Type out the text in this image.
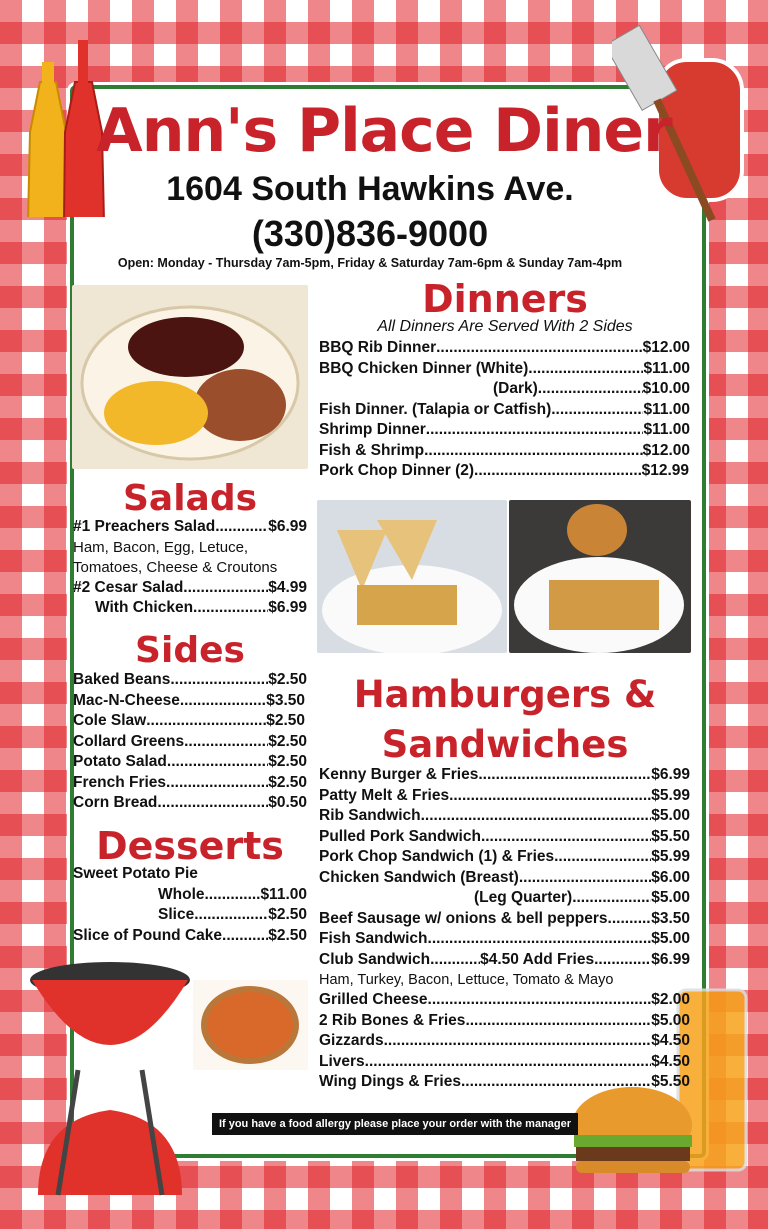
Ann's Place Diner
1604 South Hawkins Ave.
(330)836-9000
Open: Monday - Thursday 7am-5pm, Friday & Saturday 7am-6pm & Sunday 7am-4pm
Dinners
All Dinners Are Served With 2 Sides
BBQ Rib Dinner .....	$12.00
BBQ Chicken Dinner (White) .....	$11.00
(Dark) .....	$10.00
Fish Dinner. (Talapia or Catfish) .....	$11.00
Shrimp Dinner .....	$11.00
Fish & Shrimp .....	$12.00
Pork Chop Dinner (2) .....	$12.99
Salads
#1 Preachers Salad .....	$6.99
Ham, Bacon, Egg, Letuce,
Tomatoes, Cheese & Croutons
#2 Cesar Salad .....	$4.99
With Chicken .....	$6.99
Sides
Baked Beans .....	$2.50
Mac-N-Cheese .....	$3.50
Cole Slaw .....	$2.50
Collard Greens .....	$2.50
Potato Salad .....	$2.50
French Fries .....	$2.50
Corn Bread .....	$0.50
Desserts
Sweet Potato Pie
Whole .....	$11.00
Slice .....	$2.50
Slice of Pound Cake .....	$2.50
Hamburgers &
Sandwiches
Kenny Burger & Fries .....	$6.99
Patty Melt & Fries .....	$5.99
Rib Sandwich .....	$5.00
Pulled Pork Sandwich .....	$5.50
Pork Chop Sandwich (1) & Fries .....	$5.99
Chicken Sandwich (Breast) .....	$6.00
(Leg Quarter) .....	$5.00
Beef Sausage w/ onions & bell peppers .....	$3.50
Fish Sandwich .....	$5.00
Club Sandwich .....	$4.50 Add Fries .....	$6.99
Ham, Turkey, Bacon, Lettuce, Tomato & Mayo
Grilled Cheese .....	$2.00
2 Rib Bones & Fries .....	$5.00
Gizzards .....	$4.50
Livers .....	$4.50
Wing Dings & Fries .....	$5.50
If you have a food allergy please place your order with the manager
